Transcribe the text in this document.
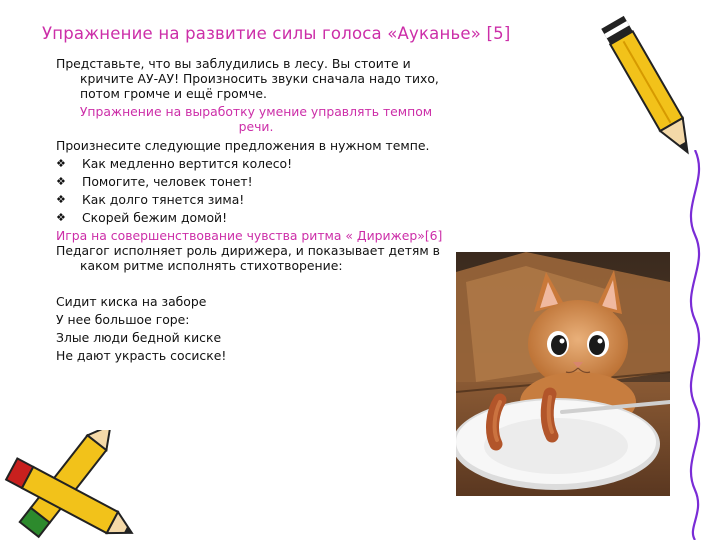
Упражнение на развитие силы голоса «Ауканье» [5]

Представьте, что вы заблудились в лесу. Вы стоите и кричите АУ-АУ! Произносить звуки сначала надо тихо, потом громче и ещё громче.

Упражнение на выработку умение управлять темпом речи.

Произнесите следующие предложения в нужном темпе.

❖	Как медленно вертится колесо!
❖	Помогите, человек тонет!
❖	Как долго тянется зима!
❖	Скорей бежим домой!
Игра на совершенствование чувства ритма « Дирижер»[6]

Педагог исполняет роль дирижера, и показывает детям в каком ритме исполнять стихотворение:

Сидит киска на заборе
У нее большое горе:
Злые люди бедной киске
Не дают украсть сосиске!
